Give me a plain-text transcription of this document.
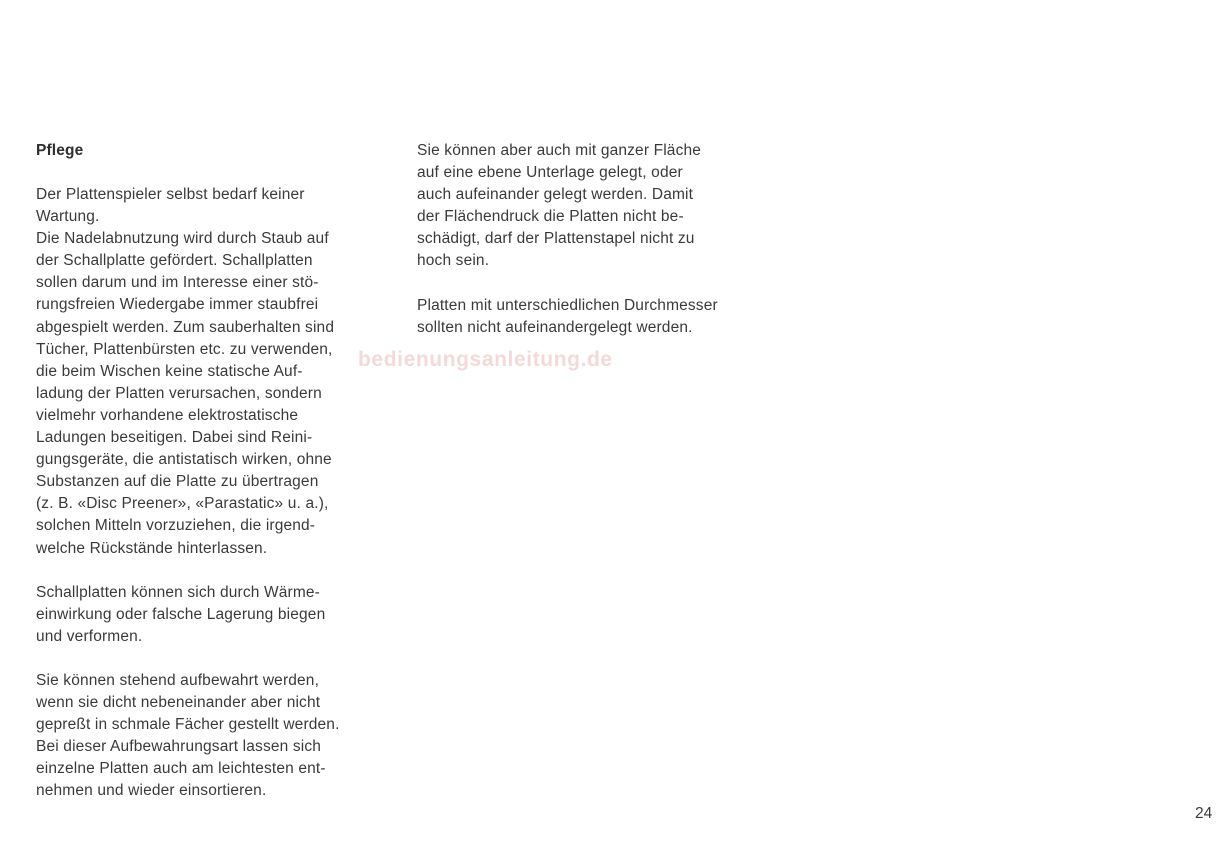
Pflege

Der Plattenspieler selbst bedarf keiner
Wartung.
Die Nadelabnutzung wird durch Staub auf
der Schallplatte gefördert. Schallplatten
sollen darum und im Interesse einer stö-
rungsfreien Wiedergabe immer staubfrei
abgespielt werden. Zum sauberhalten sind
Tücher, Plattenbürsten etc. zu verwenden,
die beim Wischen keine statische Auf-
ladung der Platten verursachen, sondern
vielmehr vorhandene elektrostatische
Ladungen beseitigen. Dabei sind Reini-
gungsgeräte, die antistatisch wirken, ohne
Substanzen auf die Platte zu übertragen
(z. B. «Disc Preener», «Parastatic» u. a.),
solchen Mitteln vorzuziehen, die irgend-
welche Rückstände hinterlassen.

Schallplatten können sich durch Wärme-
einwirkung oder falsche Lagerung biegen
und verformen.

Sie können stehend aufbewahrt werden,
wenn sie dicht nebeneinander aber nicht
gepreßt in schmale Fächer gestellt werden.
Bei dieser Aufbewahrungsart lassen sich
einzelne Platten auch am leichtesten ent-
nehmen und wieder einsortieren.

Sie können aber auch mit ganzer Fläche
auf eine ebene Unterlage gelegt, oder
auch aufeinander gelegt werden. Damit
der Flächendruck die Platten nicht be-
schädigt, darf der Plattenstapel nicht zu
hoch sein.

Platten mit unterschiedlichen Durchmesser
sollten nicht aufeinandergelegt werden.

bedienungsanleitung.de
24
